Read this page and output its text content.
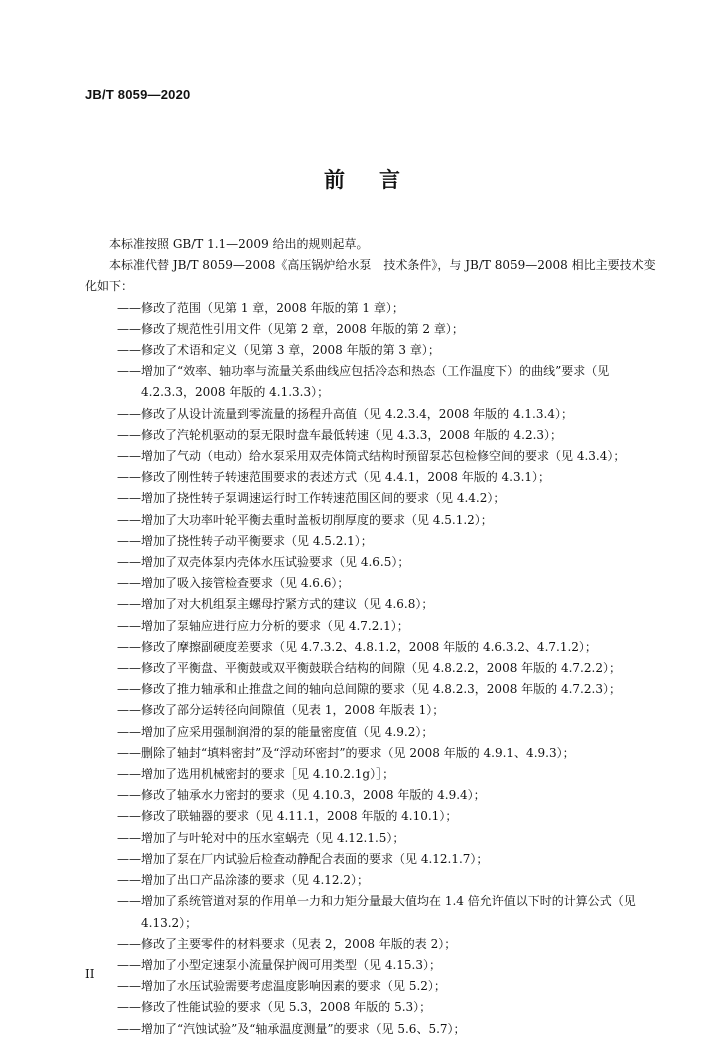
JB/T 8059—2020
前言

本标准按照 GB/T 1.1—2009 给出的规则起草。

本标准代替 JB/T 8059—2008《高压锅炉给水泵　技术条件》，与 JB/T 8059—2008 相比主要技术变化如下：

——修改了范围（见第 1 章，2008 年版的第 1 章）；

——修改了规范性引用文件（见第 2 章，2008 年版的第 2 章）；

——修改了术语和定义（见第 3 章，2008 年版的第 3 章）；

——增加了“效率、轴功率与流量关系曲线应包括冷态和热态（工作温度下）的曲线”要求（见 4.2.3.3，2008 年版的 4.1.3.3）；

——修改了从设计流量到零流量的扬程升高值（见 4.2.3.4，2008 年版的 4.1.3.4）；

——修改了汽轮机驱动的泵无限时盘车最低转速（见 4.3.3，2008 年版的 4.2.3）；

——增加了气动（电动）给水泵采用双壳体筒式结构时预留泵芯包检修空间的要求（见 4.3.4）；

——修改了刚性转子转速范围要求的表述方式（见 4.4.1，2008 年版的 4.3.1）；

——增加了挠性转子泵调速运行时工作转速范围区间的要求（见 4.4.2）；

——增加了大功率叶轮平衡去重时盖板切削厚度的要求（见 4.5.1.2）；

——增加了挠性转子动平衡要求（见 4.5.2.1）；

——增加了双壳体泵内壳体水压试验要求（见 4.6.5）；

——增加了吸入接管检查要求（见 4.6.6）；

——增加了对大机组泵主螺母拧紧方式的建议（见 4.6.8）；

——增加了泵轴应进行应力分析的要求（见 4.7.2.1）；

——修改了摩擦副硬度差要求（见 4.7.3.2、4.8.1.2，2008 年版的 4.6.3.2、4.7.1.2）；

——修改了平衡盘、平衡鼓或双平衡鼓联合结构的间隙（见 4.8.2.2，2008 年版的 4.7.2.2）；

——修改了推力轴承和止推盘之间的轴向总间隙的要求（见 4.8.2.3，2008 年版的 4.7.2.3）；

——修改了部分运转径向间隙值（见表 1，2008 年版表 1）；

——增加了应采用强制润滑的泵的能量密度值（见 4.9.2）；

——删除了轴封“填料密封”及“浮动环密封”的要求（见 2008 年版的 4.9.1、4.9.3）；

——增加了选用机械密封的要求［见 4.10.2.1g）］；

——修改了轴承水力密封的要求（见 4.10.3，2008 年版的 4.9.4）；

——修改了联轴器的要求（见 4.11.1，2008 年版的 4.10.1）；

——增加了与叶轮对中的压水室蜗壳（见 4.12.1.5）；

——增加了泵在厂内试验后检查动静配合表面的要求（见 4.12.1.7）；

——增加了出口产品涂漆的要求（见 4.12.2）；

——增加了系统管道对泵的作用单一力和力矩分量最大值均在 1.4 倍允许值以下时的计算公式（见 4.13.2）；

——修改了主要零件的材料要求（见表 2，2008 年版的表 2）；

——增加了小型定速泵小流量保护阀可用类型（见 4.15.3）；

——增加了水压试验需要考虑温度影响因素的要求（见 5.2）；

——修改了性能试验的要求（见 5.3，2008 年版的 5.3）；

——增加了“汽蚀试验”及“轴承温度测量”的要求（见 5.6、5.7）；

II
